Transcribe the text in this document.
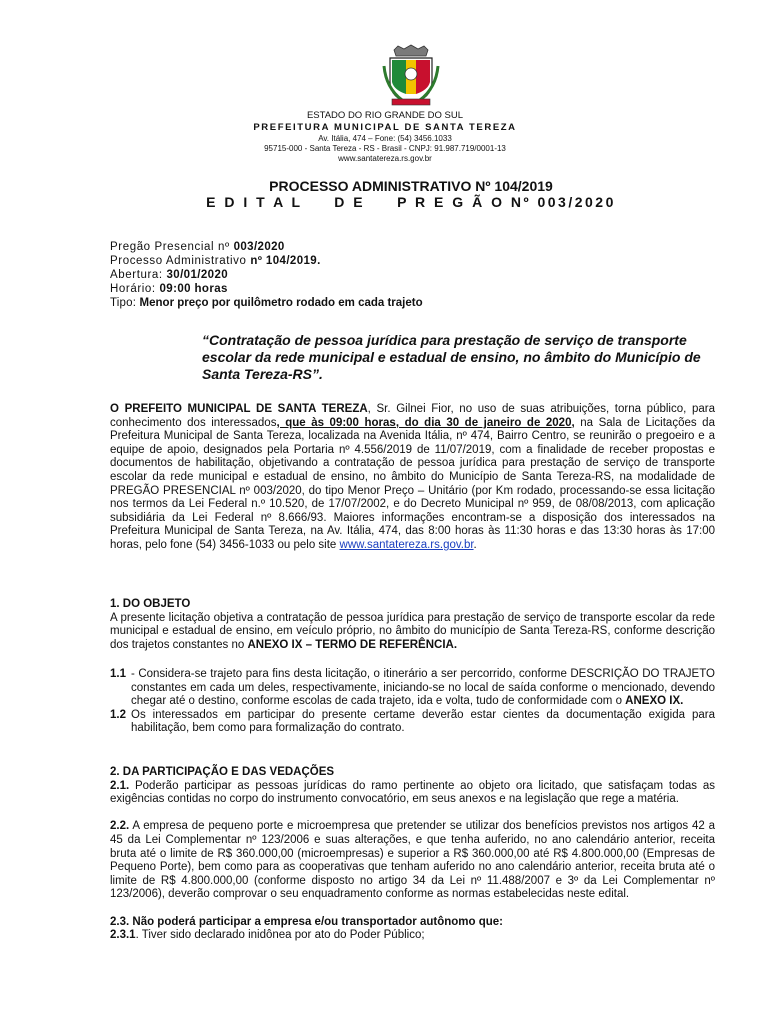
ESTADO DO RIO GRANDE DO SUL
PREFEITURA MUNICIPAL DE SANTA TEREZA
Av. Itália, 474 – Fone: (54) 3456.1033
95715-000 - Santa Tereza - RS - Brasil - CNPJ: 91.987.719/0001-13
www.santatereza.rs.gov.br
PROCESSO ADMINISTRATIVO Nº 104/2019
E D I T A L     D E     P R E G Ã O Nº 003/2020
Pregão Presencial nº 003/2020
Processo Administrativo nº 104/2019.
Abertura: 30/01/2020
Horário: 09:00 horas
Tipo: Menor preço por quilômetro rodado em cada trajeto
“Contratação de pessoa jurídica para prestação de serviço de transporte escolar da rede municipal e estadual de ensino, no âmbito do Município de Santa Tereza-RS”.

O PREFEITO MUNICIPAL DE SANTA TEREZA, Sr. Gilnei Fior, no uso de suas atribuições, torna público, para conhecimento dos interessados, que às 09:00 horas, do dia 30 de janeiro de 2020, na Sala de Licitações da Prefeitura Municipal de Santa Tereza, localizada na Avenida Itália, nº 474, Bairro Centro, se reunirão o pregoeiro e a equipe de apoio, designados pela Portaria nº 4.556/2019 de 11/07/2019, com a finalidade de receber propostas e documentos de habilitação, objetivando a contratação de pessoa jurídica para prestação de serviço de transporte escolar da rede municipal e estadual de ensino, no âmbito do Município de Santa Tereza-RS, na modalidade de PREGÃO PRESENCIAL nº 003/2020, do tipo Menor Preço – Unitário (por Km rodado, processando-se essa licitação nos termos da Lei Federal n.º 10.520, de 17/07/2002, e do Decreto Municipal nº 959, de 08/08/2013, com aplicação subsidiária da Lei Federal nº 8.666/93. Maiores informações encontram-se a disposição dos interessados na Prefeitura Municipal de Santa Tereza, na Av. Itália, 474, das 8:00 horas às 11:30 horas e das 13:30 horas às 17:00 horas, pelo fone (54) 3456-1033 ou pelo site www.santatereza.rs.gov.br.

1. DO OBJETO

A presente licitação objetiva a contratação de pessoa jurídica para prestação de serviço de transporte escolar da rede municipal e estadual de ensino, em veículo próprio, no âmbito do município de Santa Tereza-RS, conforme descrição dos trajetos constantes no ANEXO IX – TERMO DE REFERÊNCIA.

1.1 - Considera-se trajeto para fins desta licitação, o itinerário a ser percorrido, conforme DESCRIÇÃO DO TRAJETO constantes em cada um deles, respectivamente, iniciando-se no local de saída conforme o mencionado, devendo chegar até o destino, conforme escolas de cada trajeto, ida e volta, tudo de conformidade com o ANEXO IX.
1.2 Os interessados em participar do presente certame deverão estar cientes da documentação exigida para habilitação, bem como para formalização do contrato.

2. DA PARTICIPAÇÃO E DAS VEDAÇÕES

2.1. Poderão participar as pessoas jurídicas do ramo pertinente ao objeto ora licitado, que satisfaçam todas as exigências contidas no corpo do instrumento convocatório, em seus anexos e na legislação que rege a matéria.

2.2. A empresa de pequeno porte e microempresa que pretender se utilizar dos benefícios previstos nos artigos 42 a 45 da Lei Complementar nº 123/2006 e suas alterações, e que tenha auferido, no ano calendário anterior, receita bruta até o limite de R$ 360.000,00 (microempresas) e superior a R$ 360.000,00 até R$ 4.800.000,00 (Empresas de Pequeno Porte), bem como para as cooperativas que tenham auferido no ano calendário anterior, receita bruta até o limite de R$ 4.800.000,00 (conforme disposto no artigo 34 da Lei nº 11.488/2007 e 3º da Lei Complementar nº 123/2006), deverão comprovar o seu enquadramento conforme as normas estabelecidas neste edital.

2.3. Não poderá participar a empresa e/ou transportador autônomo que:

2.3.1. Tiver sido declarado inidônea por ato do Poder Público;
